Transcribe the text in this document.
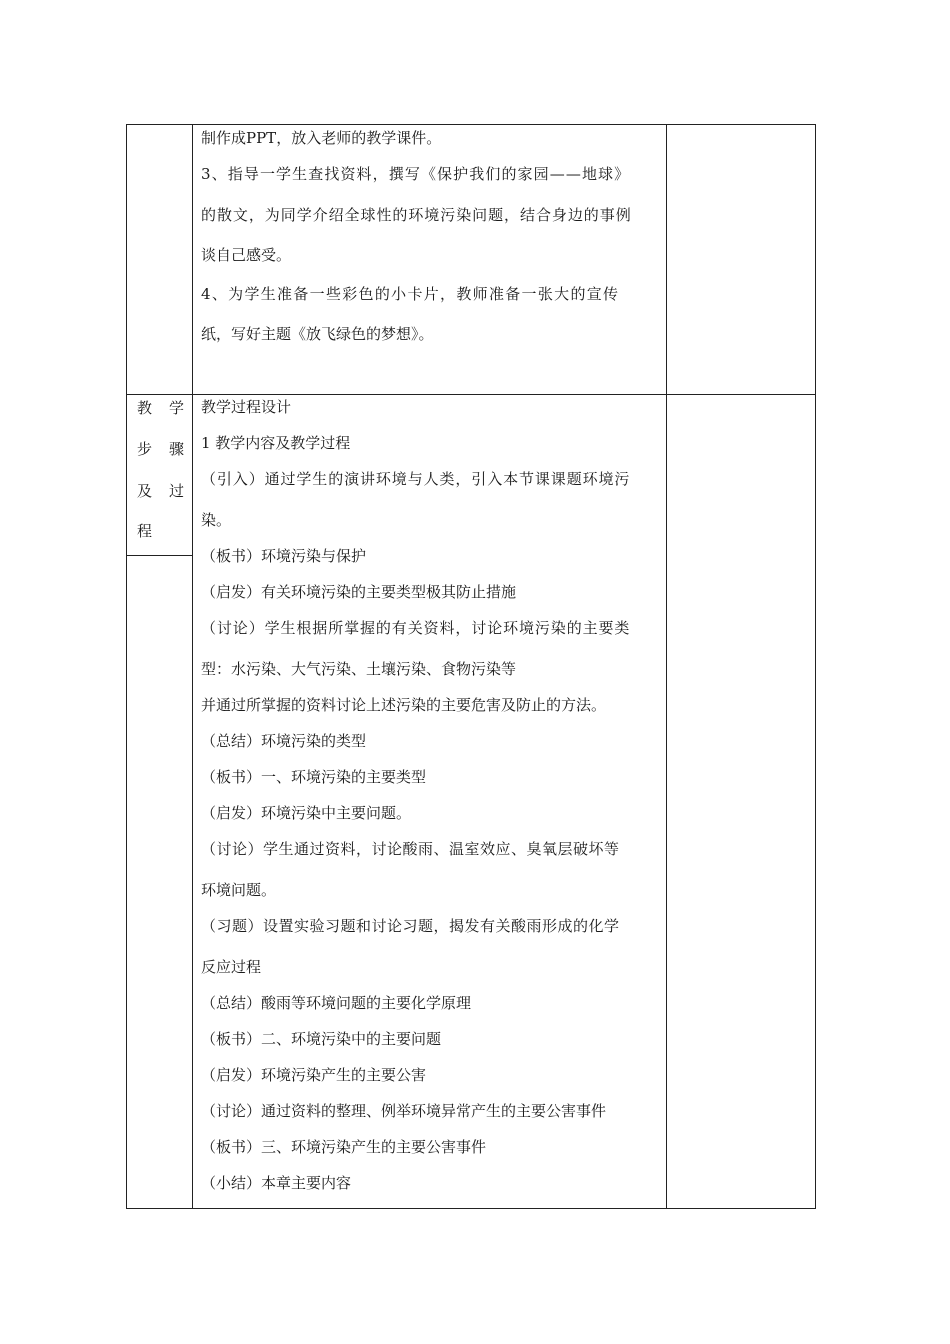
制作成PPT，放入老师的教学课件。
3、指导一学生查找资料，撰写《保护我们的家园——地球》
的散文，为同学介绍全球性的环境污染问题，结合身边的事例
谈自己感受。
4、为学生准备一些彩色的小卡片，教师准备一张大的宣传
纸，写好主题《放飞绿色的梦想》。
教 学
步 骤
及 过
程
教学过程设计
1 教学内容及教学过程
（引入）通过学生的演讲环境与人类，引入本节课课题环境污
染。
（板书）环境污染与保护
（启发）有关环境污染的主要类型极其防止措施
（讨论）学生根据所掌握的有关资料，讨论环境污染的主要类
型：水污染、大气污染、土壤污染、食物污染等
并通过所掌握的资料讨论上述污染的主要危害及防止的方法。
（总结）环境污染的类型
（板书）一、环境污染的主要类型
（启发）环境污染中主要问题。
（讨论）学生通过资料，讨论酸雨、温室效应、臭氧层破坏等
环境问题。
（习题）设置实验习题和讨论习题，揭发有关酸雨形成的化学
反应过程
（总结）酸雨等环境问题的主要化学原理
（板书）二、环境污染中的主要问题
（启发）环境污染产生的主要公害
（讨论）通过资料的整理、例举环境异常产生的主要公害事件
（板书）三、环境污染产生的主要公害事件
（小结）本章主要内容
